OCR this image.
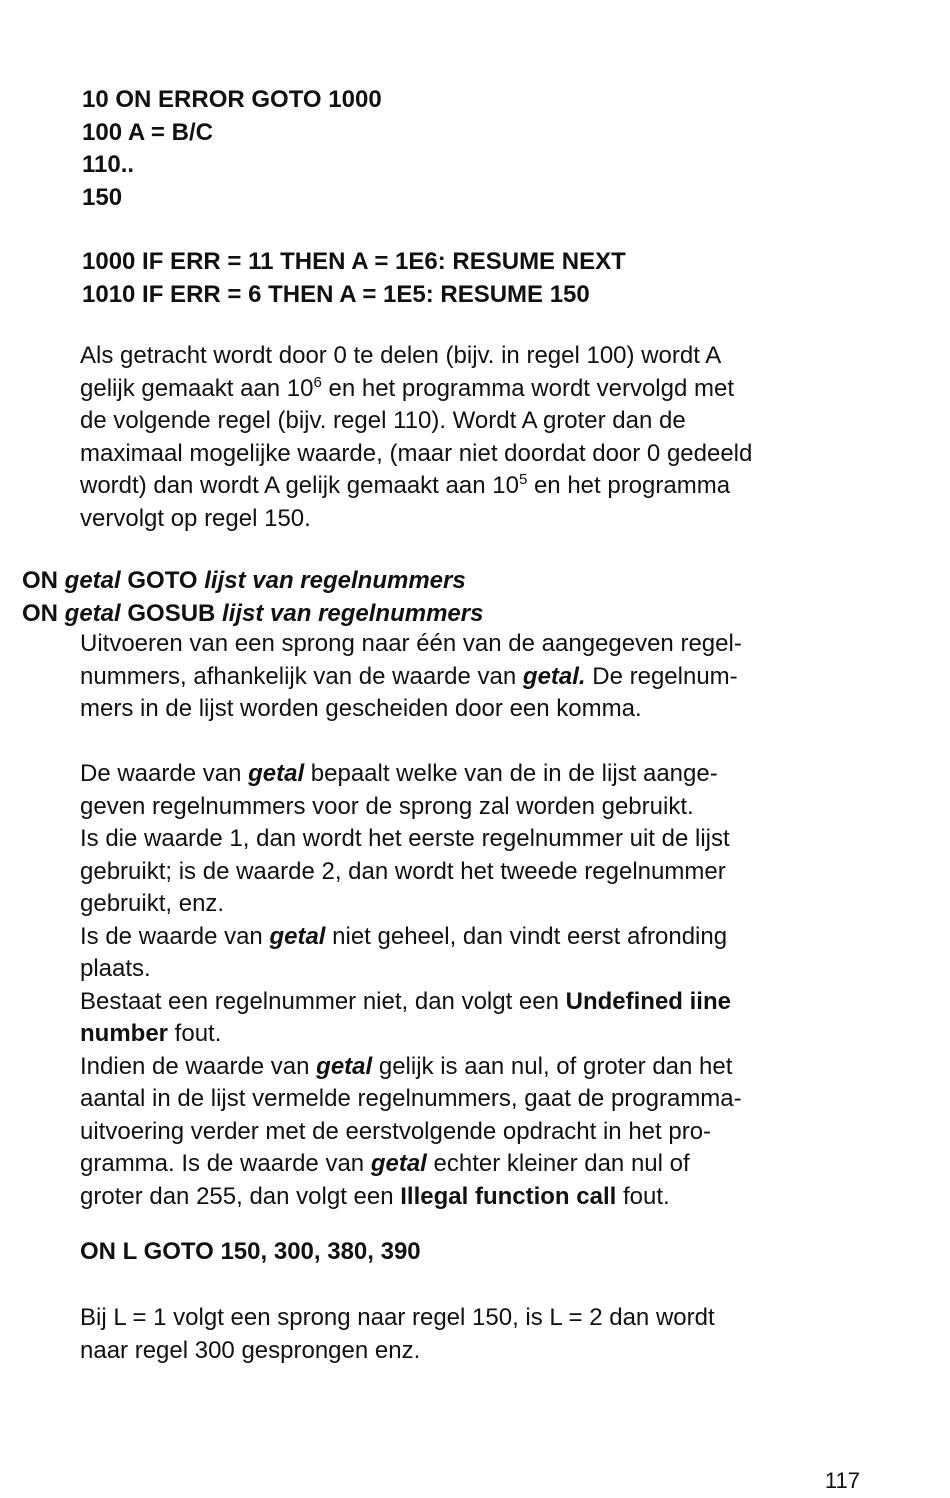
10 ON ERROR GOTO 1000
100 A = B/C
110..
150
1000 IF ERR = 11 THEN A = 1E6: RESUME NEXT
1010 IF ERR = 6 THEN A = 1E5: RESUME 150
Als getracht wordt door 0 te delen (bijv. in regel 100) wordt A
gelijk gemaakt aan $10^6$ en het programma wordt vervolgd met
de volgende regel (bijv. regel 110). Wordt A groter dan de
maximaal mogelijke waarde, (maar niet doordat door 0 gedeeld
wordt) dan wordt A gelijk gemaakt aan $10^5$ en het programma
vervolgt op regel 150.
ON getal GOTO lijst van regelnummers
ON getal GOSUB lijst van regelnummers
Uitvoeren van een sprong naar één van de aangegeven regel-
nummers, afhankelijk van de waarde van getal. De regelnum-
mers in de lijst worden gescheiden door een komma.
De waarde van getal bepaalt welke van de in de lijst aange-
geven regelnummers voor de sprong zal worden gebruikt.
Is die waarde 1, dan wordt het eerste regelnummer uit de lijst
gebruikt; is de waarde 2, dan wordt het tweede regelnummer
gebruikt, enz.
Is de waarde van getal niet geheel, dan vindt eerst afronding
plaats.
Bestaat een regelnummer niet, dan volgt een Undefined iine
number fout.
Indien de waarde van getal gelijk is aan nul, of groter dan het
aantal in de lijst vermelde regelnummers, gaat de programma-
uitvoering verder met de eerstvolgende opdracht in het pro-
gramma. Is de waarde van getal echter kleiner dan nul of
groter dan 255, dan volgt een Illegal function call fout.
ON L GOTO 150, 300, 380, 390
Bij L = 1 volgt een sprong naar regel 150, is L = 2 dan wordt
naar regel 300 gesprongen enz.
117
